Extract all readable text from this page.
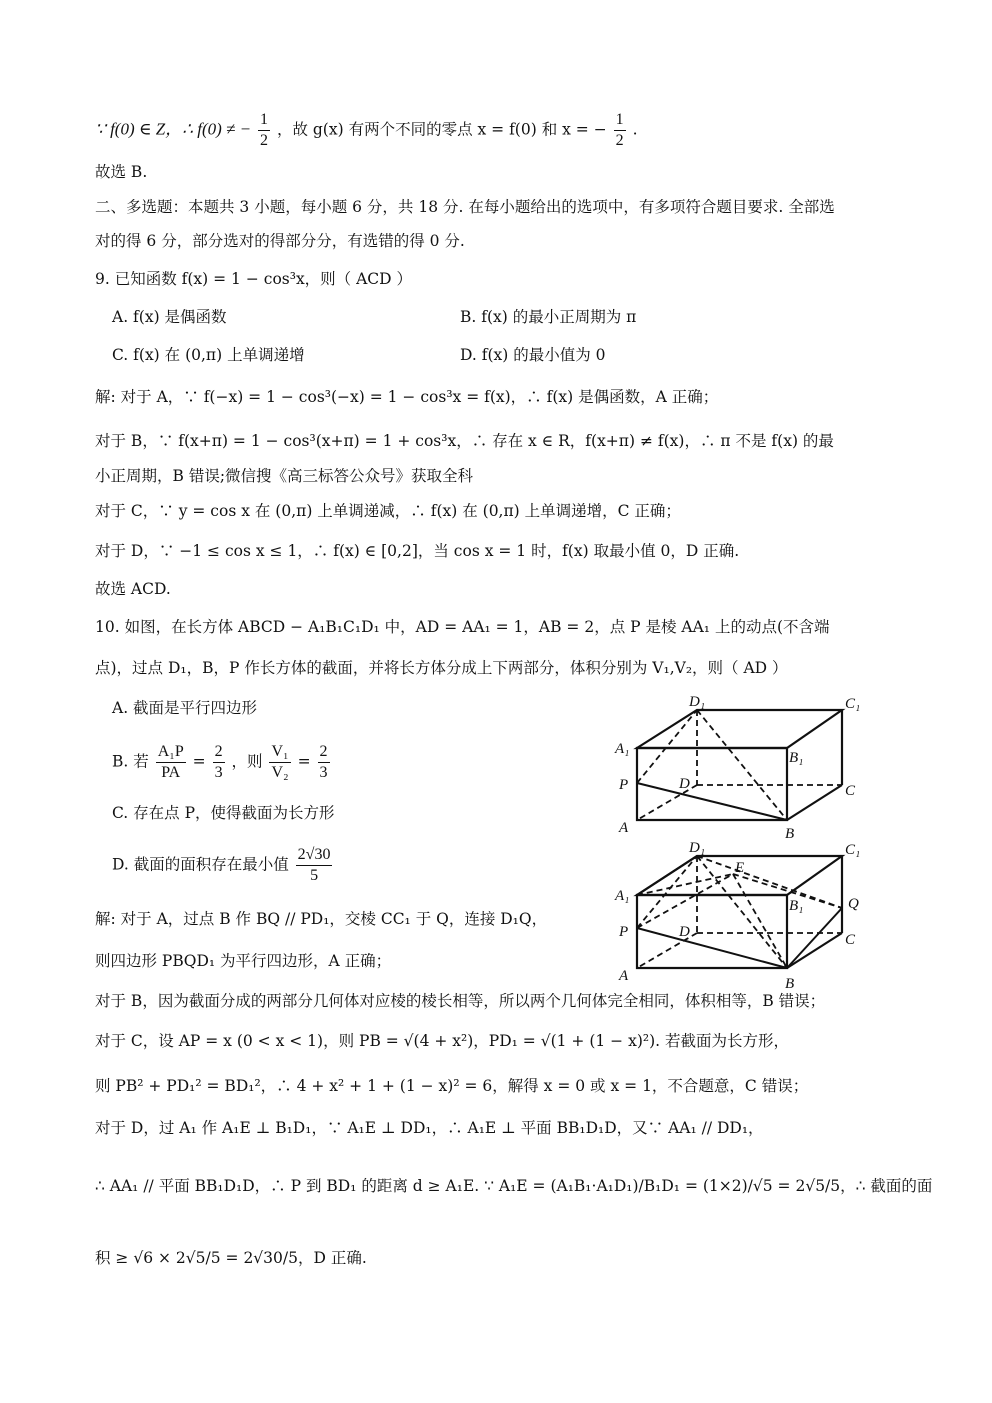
∵ f(0) ∈ Z，∴ f(0) ≠ − $\frac{1}{2}$ ，故 g(x) 有两个不同的零点 x = f(0) 和 x = − $\frac{1}{2}$ .
故选 B.
二、多选题：本题共 3 小题，每小题 6 分，共 18 分. 在每小题给出的选项中，有多项符合题目要求. 全部选
对的得 6 分，部分选对的得部分分，有选错的得 0 分.
9. 已知函数 f(x) = 1 − cos³x，则（ ACD ）
A. f(x) 是偶函数	B. f(x) 的最小正周期为 π
C. f(x) 在 (0,π) 上单调递增	D. f(x) 的最小值为 0
解: 对于 A，∵ f(−x) = 1 − cos³(−x) = 1 − cos³x = f(x)，∴ f(x) 是偶函数，A 正确；
对于 B，∵ f(x+π) = 1 − cos³(x+π) = 1 + cos³x，∴ 存在 x ∈ R，f(x+π) ≠ f(x)，∴ π 不是 f(x) 的最
小正周期，B 错误;微信搜《高三标答公众号》获取全科
对于 C，∵ y = cos x 在 (0,π) 上单调递减，∴ f(x) 在 (0,π) 上单调递增，C 正确；
对于 D，∵ −1 ≤ cos x ≤ 1，∴ f(x) ∈ [0,2]，当 cos x = 1 时，f(x) 取最小值 0，D 正确.
故选 ACD.
10. 如图，在长方体 ABCD − A₁B₁C₁D₁ 中，AD = AA₁ = 1，AB = 2，点 P 是棱 AA₁ 上的动点(不含端
点)，过点 D₁，B，P 作长方体的截面，并将长方体分成上下两部分，体积分别为 V₁,V₂，则（ AD ）
A. 截面是平行四边形
B. 若 $\frac{\text{A₁P}}{PA} = \frac{2}{3}$ ，则 $\frac{\text{V₁}}{\text{V₂}} = \frac{2}{3}$
C. 存在点 P，使得截面为长方形
D. 截面的面积存在最小值 $\frac{2√30}{5}$
解: 对于 A，过点 B 作 BQ // PD₁，交棱 CC₁ 于 Q，连接 D₁Q，
则四边形 PBQD₁ 为平行四边形，A 正确；
对于 B，因为截面分成的两部分几何体对应棱的棱长相等，所以两个几何体完全相同，体积相等，B 错误；
对于 C，设 AP = x (0 < x < 1)，则 PB = √(4 + x²)，PD₁ = √(1 + (1 − x)²). 若截面为长方形，
则 PB² + PD₁² = BD₁²，∴ 4 + x² + 1 + (1 − x)² = 6，解得 x = 0 或 x = 1，不合题意，C 错误；
对于 D，过 A₁ 作 A₁E ⊥ B₁D₁，∵ A₁E ⊥ DD₁，∴ A₁E ⊥ 平面 BB₁D₁D，又∵ AA₁ // DD₁，
∴ AA₁ // 平面 BB₁D₁D，∴ P 到 BD₁ 的距离 d ≥ A₁E. ∵ A₁E = (A₁B₁·A₁D₁)/B₁D₁ = (1×2)/√5 = 2√5/5，∴ 截面的面
积 ≥ √6 × 2√5/5 = 2√30/5，D 正确.
D₁	C₁
A₁
B₁
P	D	C
A	B
D₁
E
C₁
A₁
B₁	Q
P	D	C
A	B
